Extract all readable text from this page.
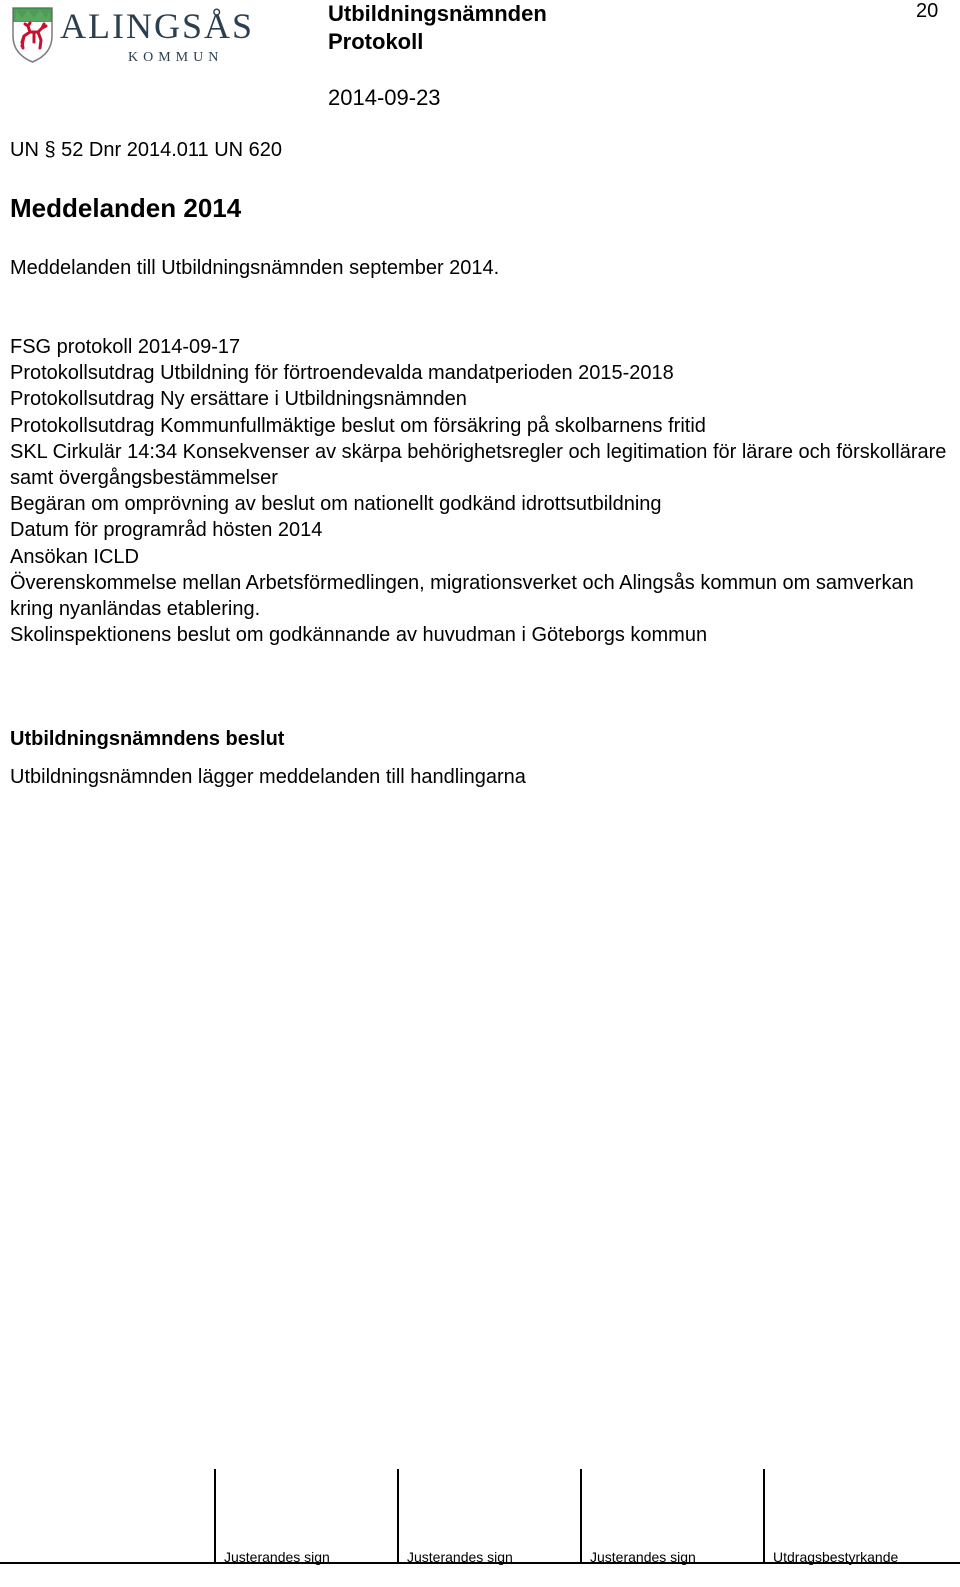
ALINGSÅS
KOMMUN
Utbildningsnämnden
Protokoll
2014-09-23
20
UN § 52 Dnr 2014.011 UN 620
Meddelanden 2014
Meddelanden till Utbildningsnämnden september 2014.
FSG protokoll 2014-09-17
Protokollsutdrag Utbildning för förtroendevalda mandatperioden 2015-2018
Protokollsutdrag Ny ersättare i Utbildningsnämnden
Protokollsutdrag Kommunfullmäktige beslut om försäkring på skolbarnens fritid
SKL Cirkulär 14:34 Konsekvenser av skärpa behörighetsregler och legitimation för lärare och förskollärare samt övergångsbestämmelser
Begäran om omprövning av beslut om nationellt godkänd idrottsutbildning
Datum för programråd hösten 2014
Ansökan ICLD
Överenskommelse mellan Arbetsförmedlingen, migrationsverket och Alingsås kommun om samverkan kring nyanländas etablering.
Skolinspektionens beslut om godkännande av huvudman i Göteborgs kommun
Utbildningsnämndens beslut
Utbildningsnämnden lägger meddelanden till handlingarna
Justerandes sign	Justerandes sign	Justerandes sign	Utdragsbestyrkande
